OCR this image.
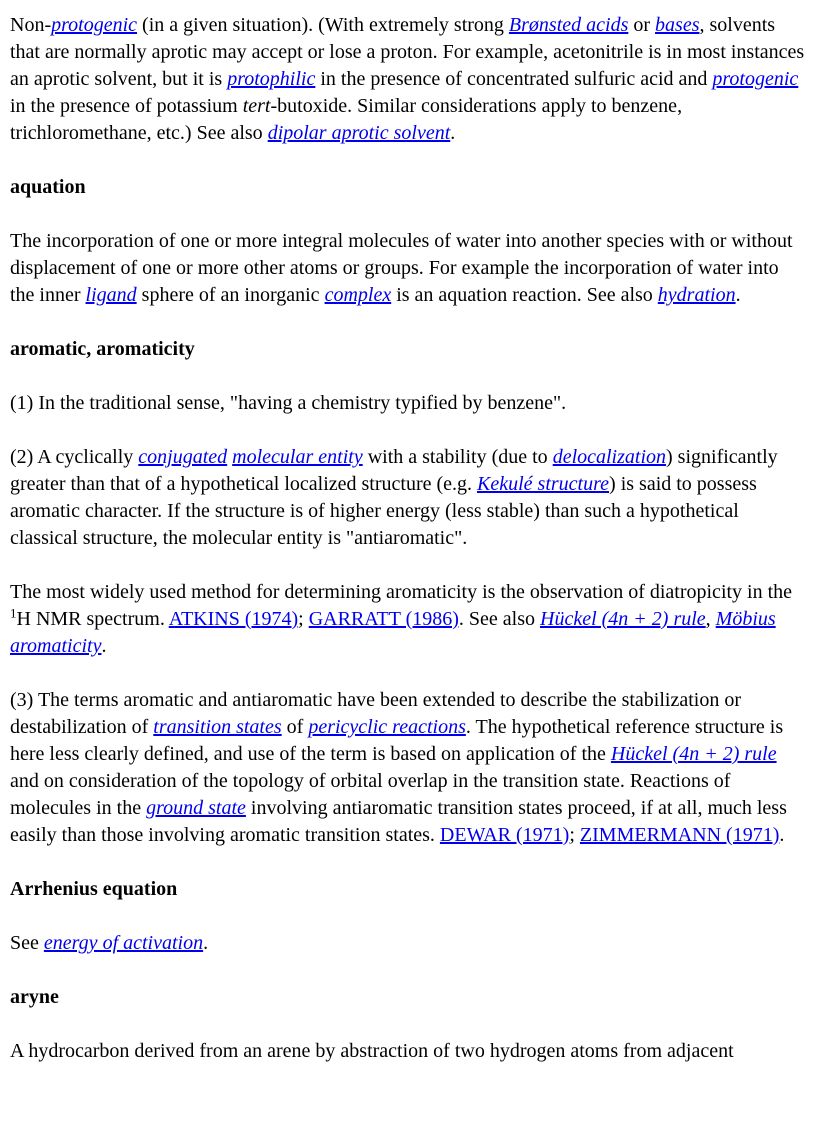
Non-protogenic (in a given situation). (With extremely strong Brønsted acids or bases, solvents that are normally aprotic may accept or lose a proton. For example, acetonitrile is in most instances an aprotic solvent, but it is protophilic in the presence of concentrated sulfuric acid and protogenic in the presence of potassium tert-butoxide. Similar considerations apply to benzene, trichloromethane, etc.) See also dipolar aprotic solvent.

aquation

The incorporation of one or more integral molecules of water into another species with or without displacement of one or more other atoms or groups. For example the incorporation of water into the inner ligand sphere of an inorganic complex is an aquation reaction. See also hydration.

aromatic, aromaticity

(1) In the traditional sense, "having a chemistry typified by benzene".

(2) A cyclically conjugated molecular entity with a stability (due to delocalization) significantly greater than that of a hypothetical localized structure (e.g. Kekulé structure) is said to possess aromatic character. If the structure is of higher energy (less stable) than such a hypothetical classical structure, the molecular entity is "antiaromatic".

The most widely used method for determining aromaticity is the observation of diatropicity in the $^1$H NMR spectrum. ATKINS (1974); GARRATT (1986). See also Hückel (4n + 2) rule, Möbius aromaticity.

(3) The terms aromatic and antiaromatic have been extended to describe the stabilization or destabilization of transition states of pericyclic reactions. The hypothetical reference structure is here less clearly defined, and use of the term is based on application of the Hückel (4n + 2) rule and on consideration of the topology of orbital overlap in the transition state. Reactions of molecules in the ground state involving antiaromatic transition states proceed, if at all, much less easily than those involving aromatic transition states. DEWAR (1971); ZIMMERMANN (1971).

Arrhenius equation

See energy of activation.

aryne

A hydrocarbon derived from an arene by abstraction of two hydrogen atoms from adjacent
